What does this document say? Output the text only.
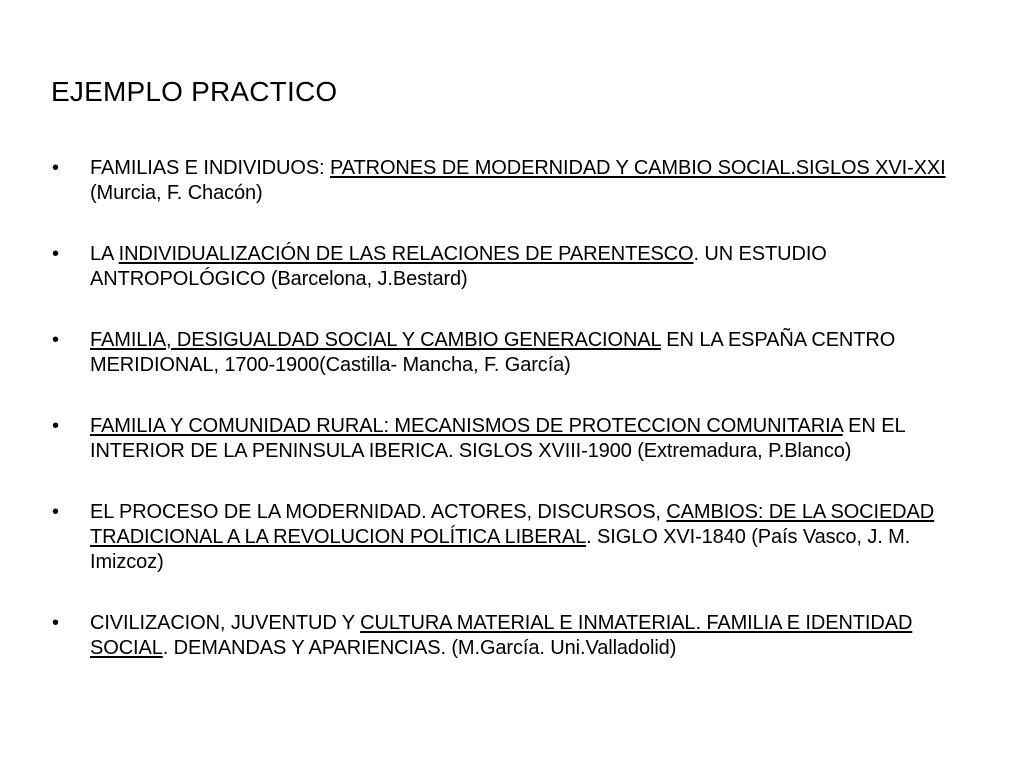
EJEMPLO PRACTICO
•	FAMILIAS E INDIVIDUOS: PATRONES DE MODERNIDAD Y CAMBIO SOCIAL.SIGLOS XVI-XXI (Murcia, F. Chacón)
•	LA INDIVIDUALIZACIÓN DE LAS RELACIONES DE PARENTESCO. UN ESTUDIO ANTROPOLÓGICO (Barcelona, J.Bestard)
•	FAMILIA, DESIGUALDAD SOCIAL Y CAMBIO GENERACIONAL EN LA ESPAÑA CENTRO MERIDIONAL, 1700-1900(Castilla- Mancha, F. García)
•	FAMILIA Y COMUNIDAD RURAL: MECANISMOS DE PROTECCION COMUNITARIA EN EL INTERIOR DE LA PENINSULA IBERICA. SIGLOS XVIII-1900 (Extremadura, P.Blanco)
•	EL PROCESO DE LA MODERNIDAD. ACTORES, DISCURSOS, CAMBIOS: DE LA SOCIEDAD TRADICIONAL A LA REVOLUCION POLÍTICA LIBERAL. SIGLO XVI-1840 (País Vasco, J. M. Imizcoz)
•	CIVILIZACION, JUVENTUD Y CULTURA MATERIAL E INMATERIAL. FAMILIA E IDENTIDAD SOCIAL. DEMANDAS Y APARIENCIAS. (M.García. Uni.Valladolid)
